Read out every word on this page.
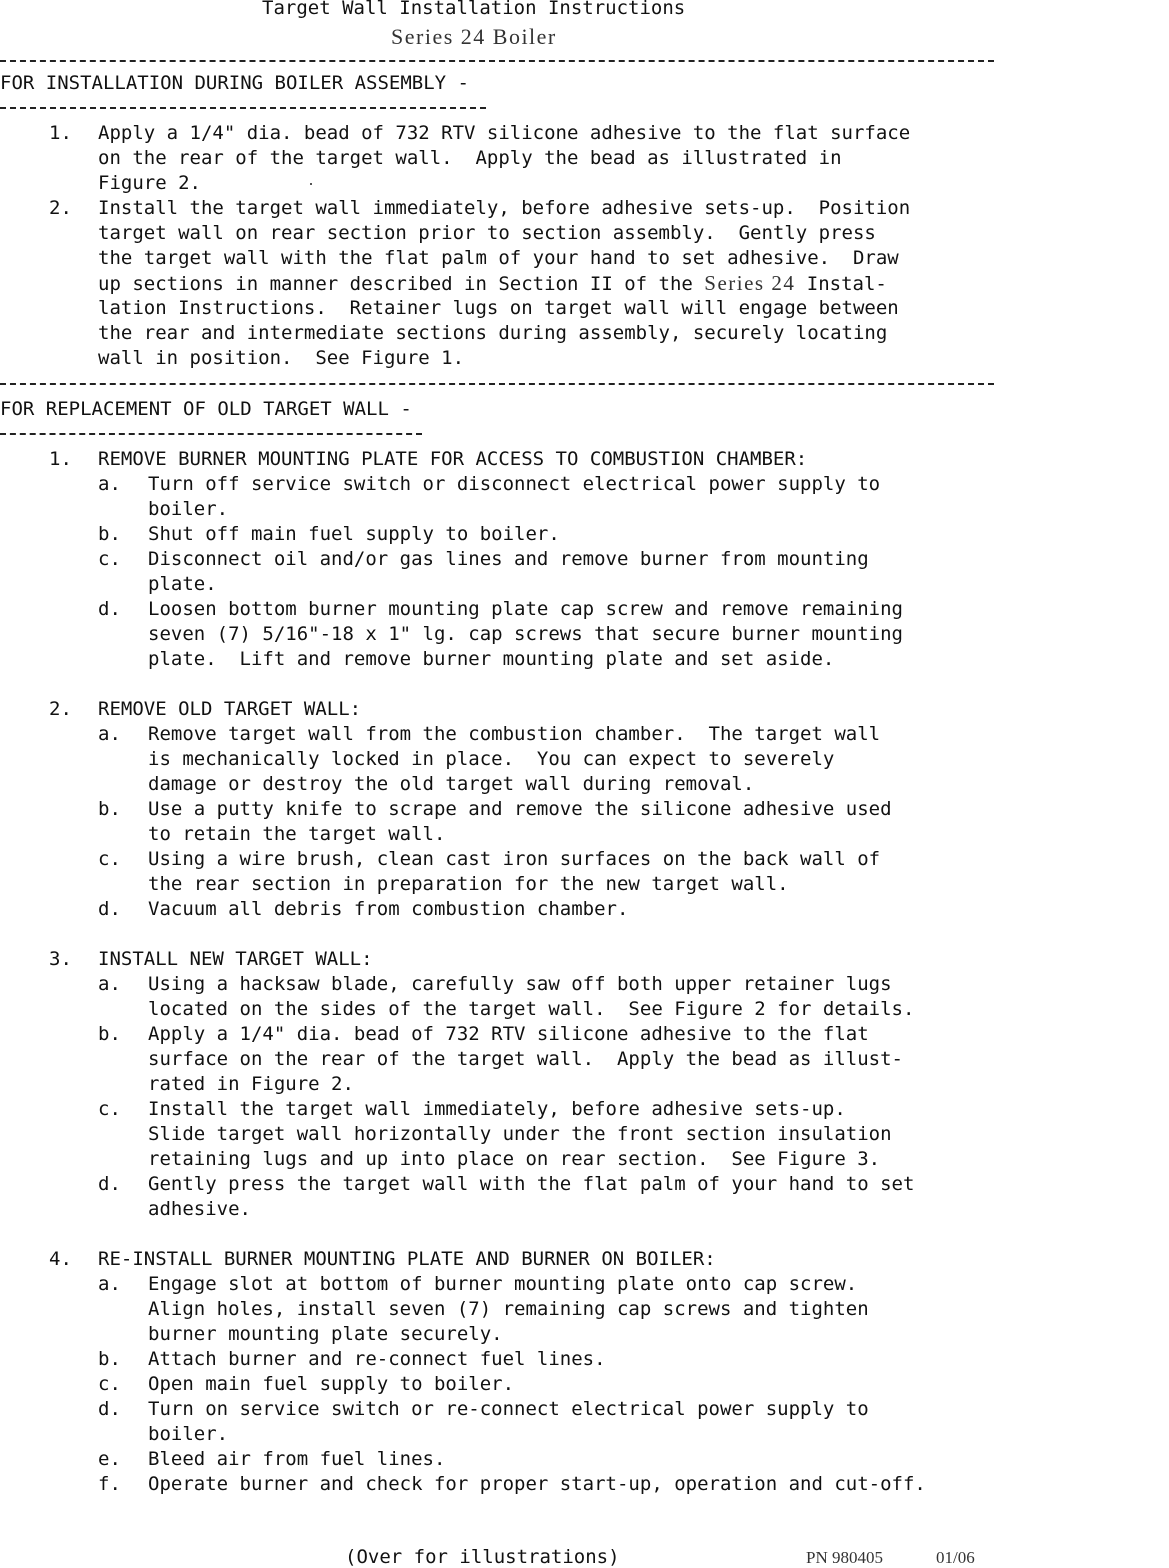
Target Wall Installation Instructions
Series 24 Boiler
FOR INSTALLATION DURING BOILER ASSEMBLY -
1. Apply a 1/4" dia. bead of 732 RTV silicone adhesive to the flat surface
on the rear of the target wall.  Apply the bead as illustrated in
Figure 2.
2. Install the target wall immediately, before adhesive sets-up.  Position
target wall on rear section prior to section assembly.  Gently press
the target wall with the flat palm of your hand to set adhesive.  Draw
up sections in manner described in Section II of the Series 24 Instal-
lation Instructions.  Retainer lugs on target wall will engage between
the rear and intermediate sections during assembly, securely locating
wall in position.  See Figure 1.
FOR REPLACEMENT OF OLD TARGET WALL -
1. REMOVE BURNER MOUNTING PLATE FOR ACCESS TO COMBUSTION CHAMBER:
a. Turn off service switch or disconnect electrical power supply to
boiler.
b. Shut off main fuel supply to boiler.
c. Disconnect oil and/or gas lines and remove burner from mounting
plate.
d. Loosen bottom burner mounting plate cap screw and remove remaining
seven (7) 5/16"-18 x 1" lg. cap screws that secure burner mounting
plate.  Lift and remove burner mounting plate and set aside.
2. REMOVE OLD TARGET WALL:
a. Remove target wall from the combustion chamber.  The target wall
is mechanically locked in place.  You can expect to severely
damage or destroy the old target wall during removal.
b. Use a putty knife to scrape and remove the silicone adhesive used
to retain the target wall.
c. Using a wire brush, clean cast iron surfaces on the back wall of
the rear section in preparation for the new target wall.
d. Vacuum all debris from combustion chamber.
3. INSTALL NEW TARGET WALL:
a. Using a hacksaw blade, carefully saw off both upper retainer lugs
located on the sides of the target wall.  See Figure 2 for details.
b. Apply a 1/4" dia. bead of 732 RTV silicone adhesive to the flat
surface on the rear of the target wall.  Apply the bead as illust-
rated in Figure 2.
c. Install the target wall immediately, before adhesive sets-up.
Slide target wall horizontally under the front section insulation
retaining lugs and up into place on rear section.  See Figure 3.
d. Gently press the target wall with the flat palm of your hand to set
adhesive.
4. RE-INSTALL BURNER MOUNTING PLATE AND BURNER ON BOILER:
a. Engage slot at bottom of burner mounting plate onto cap screw.
Align holes, install seven (7) remaining cap screws and tighten
burner mounting plate securely.
b. Attach burner and re-connect fuel lines.
c. Open main fuel supply to boiler.
d. Turn on service switch or re-connect electrical power supply to
boiler.
e. Bleed air from fuel lines.
f. Operate burner and check for proper start-up, operation and cut-off.
(Over for illustrations)	PN 980405	01/06
